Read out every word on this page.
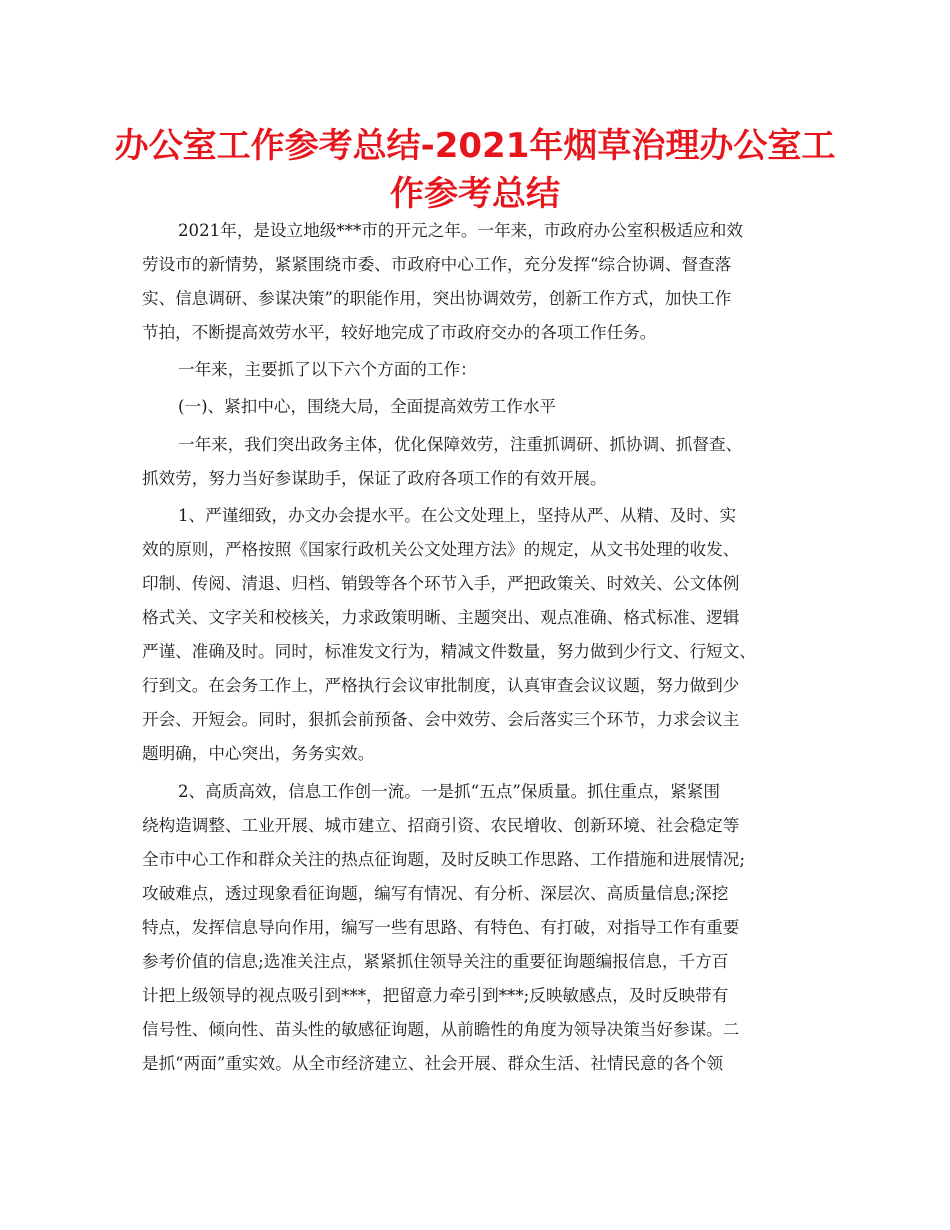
办公室工作参考总结-2021年烟草治理办公室工
作参考总结
2021年，是设立地级***市的开元之年。一年来，市政府办公室积极适应和效
劳设市的新情势，紧紧围绕市委、市政府中心工作，充分发挥“综合协调、督查落
实、信息调研、参谋决策”的职能作用，突出协调效劳，创新工作方式，加快工作
节拍，不断提高效劳水平，较好地完成了市政府交办的各项工作任务。
一年来，主要抓了以下六个方面的工作：
(一)、紧扣中心，围绕大局，全面提高效劳工作水平
一年来，我们突出政务主体，优化保障效劳，注重抓调研、抓协调、抓督查、
抓效劳，努力当好参谋助手，保证了政府各项工作的有效开展。
1、严谨细致，办文办会提水平。在公文处理上，坚持从严、从精、及时、实
效的原则，严格按照《国家行政机关公文处理方法》的规定，从文书处理的收发、
印制、传阅、清退、归档、销毁等各个环节入手，严把政策关、时效关、公文体例
格式关、文字关和校核关，力求政策明晰、主题突出、观点准确、格式标准、逻辑
严谨、准确及时。同时，标准发文行为，精减文件数量，努力做到少行文、行短文、
行到文。在会务工作上，严格执行会议审批制度，认真审查会议议题，努力做到少
开会、开短会。同时，狠抓会前预备、会中效劳、会后落实三个环节，力求会议主
题明确，中心突出，务务实效。
2、高质高效，信息工作创一流。一是抓“五点”保质量。抓住重点，紧紧围
绕构造调整、工业开展、城市建立、招商引资、农民增收、创新环境、社会稳定等
全市中心工作和群众关注的热点征询题，及时反映工作思路、工作措施和进展情况;
攻破难点，透过现象看征询题，编写有情况、有分析、深层次、高质量信息;深挖
特点，发挥信息导向作用，编写一些有思路、有特色、有打破，对指导工作有重要
参考价值的信息;选准关注点，紧紧抓住领导关注的重要征询题编报信息，千方百
计把上级领导的视点吸引到***，把留意力牵引到***;反映敏感点，及时反映带有
信号性、倾向性、苗头性的敏感征询题，从前瞻性的角度为领导决策当好参谋。二
是抓“两面”重实效。从全市经济建立、社会开展、群众生活、社情民意的各个领
